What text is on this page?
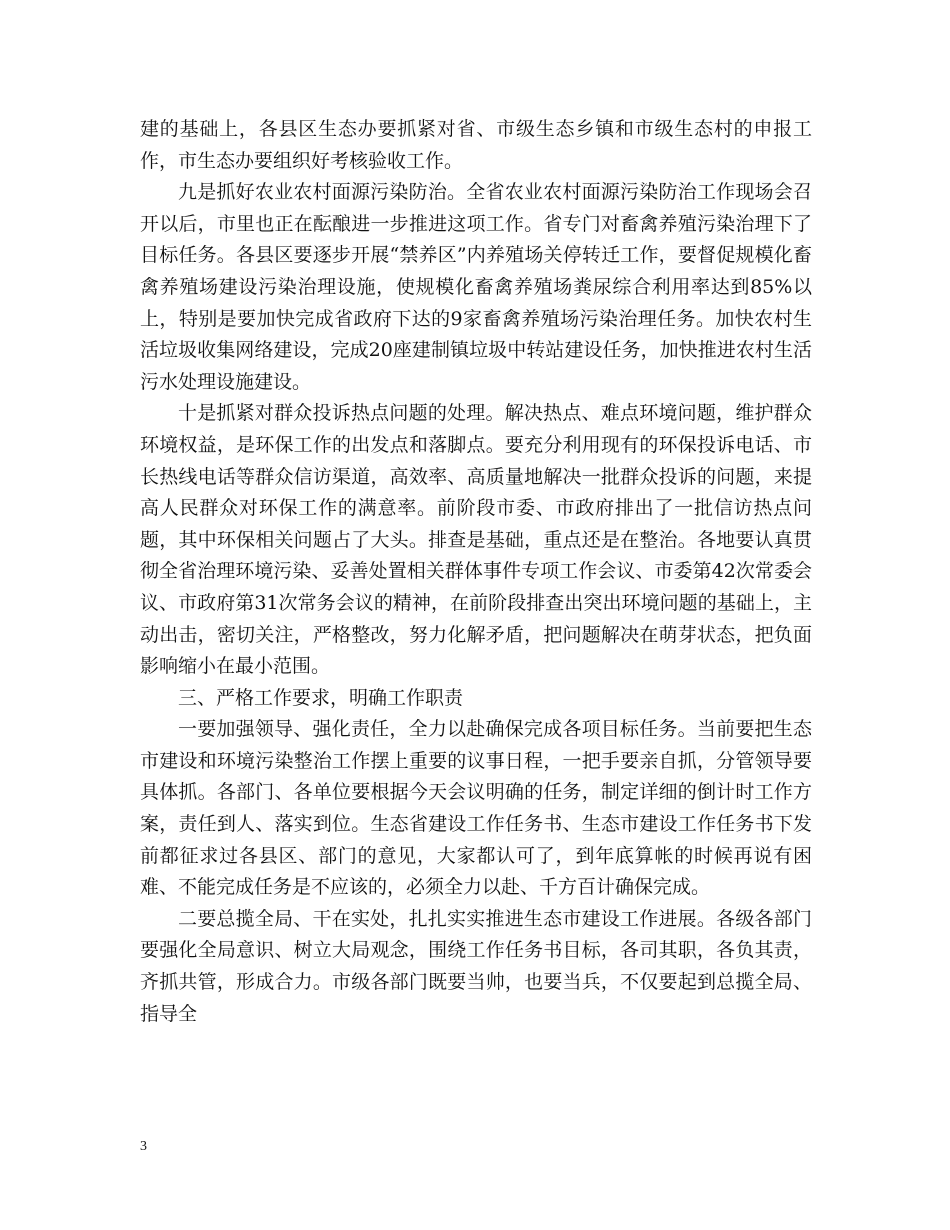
建的基础上，各县区生态办要抓紧对省、市级生态乡镇和市级生态村的申报工作，市生态办要组织好考核验收工作。

九是抓好农业农村面源污染防治。全省农业农村面源污染防治工作现场会召开以后，市里也正在酝酿进一步推进这项工作。省专门对畜禽养殖污染治理下了目标任务。各县区要逐步开展“禁养区”内养殖场关停转迁工作，要督促规模化畜禽养殖场建设污染治理设施，使规模化畜禽养殖场粪尿综合利用率达到85%以上，特别是要加快完成省政府下达的9家畜禽养殖场污染治理任务。加快农村生活垃圾收集网络建设，完成20座建制镇垃圾中转站建设任务，加快推进农村生活污水处理设施建设。

十是抓紧对群众投诉热点问题的处理。解决热点、难点环境问题，维护群众环境权益，是环保工作的出发点和落脚点。要充分利用现有的环保投诉电话、市长热线电话等群众信访渠道，高效率、高质量地解决一批群众投诉的问题，来提高人民群众对环保工作的满意率。前阶段市委、市政府排出了一批信访热点问题，其中环保相关问题占了大头。排查是基础，重点还是在整治。各地要认真贯彻全省治理环境污染、妥善处置相关群体事件专项工作会议、市委第42次常委会议、市政府第31次常务会议的精神，在前阶段排查出突出环境问题的基础上，主动出击，密切关注，严格整改，努力化解矛盾，把问题解决在萌芽状态，把负面影响缩小在最小范围。

三、严格工作要求，明确工作职责

一要加强领导、强化责任，全力以赴确保完成各项目标任务。当前要把生态市建设和环境污染整治工作摆上重要的议事日程，一把手要亲自抓，分管领导要具体抓。各部门、各单位要根据今天会议明确的任务，制定详细的倒计时工作方案，责任到人、落实到位。生态省建设工作任务书、生态市建设工作任务书下发前都征求过各县区、部门的意见，大家都认可了，到年底算帐的时候再说有困难、不能完成任务是不应该的，必须全力以赴、千方百计确保完成。

二要总揽全局、干在实处，扎扎实实推进生态市建设工作进展。各级各部门要强化全局意识、树立大局观念，围绕工作任务书目标，各司其职，各负其责，齐抓共管，形成合力。市级各部门既要当帅，也要当兵，不仅要起到总揽全局、指导全

3
